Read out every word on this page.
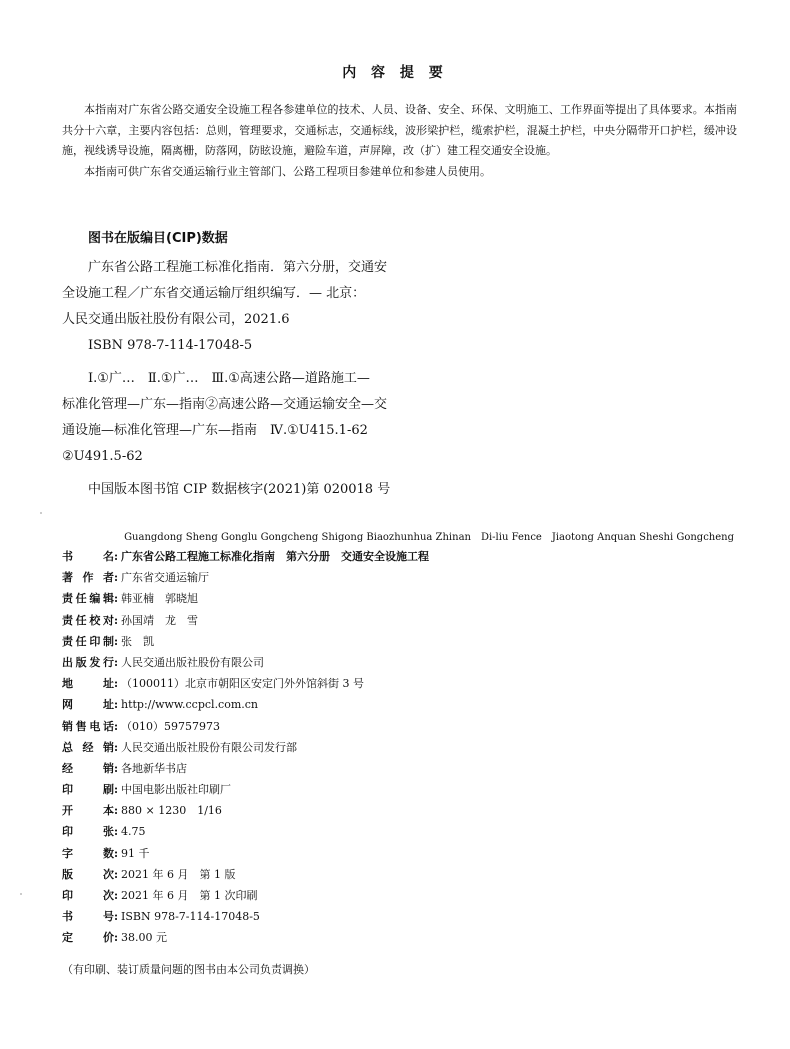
内 容 提 要

本指南对广东省公路交通安全设施工程各参建单位的技术、人员、设备、安全、环保、文明施工、工作界面等提出了具体要求。本指南共分十六章，主要内容包括：总则，管理要求，交通标志，交通标线，波形梁护栏，缆索护栏，混凝土护栏，中央分隔带开口护栏，缓冲设施，视线诱导设施，隔离栅，防落网，防眩设施，避险车道，声屏障，改（扩）建工程交通安全设施。

本指南可供广东省交通运输行业主管部门、公路工程项目参建单位和参建人员使用。

图书在版编目(CIP)数据
广东省公路工程施工标准化指南．第六分册，交通安
全设施工程／广东省交通运输厅组织编写．— 北京：
人民交通出版社股份有限公司，2021.6
ISBN 978-7-114-17048-5
Ⅰ.①广…　Ⅱ.①广…　Ⅲ.①高速公路—道路施工—
标准化管理—广东—指南②高速公路—交通运输安全—交
通设施—标准化管理—广东—指南　Ⅳ.①U415.1-62
②U491.5-62
中国版本图书馆 CIP 数据核字(2021)第 020018 号
Guangdong Sheng Gonglu Gongcheng Shigong Biaozhunhua Zhinan　Di-liu Fence　Jiaotong Anquan Sheshi Gongcheng
书名 : 广东省公路工程施工标准化指南　第六分册　交通安全设施工程
著作者 : 广东省交通运输厅
责任编辑 : 韩亚楠　郭晓旭
责任校对 : 孙国靖　龙　雪
责任印制 : 张　凯
出版发行 : 人民交通出版社股份有限公司
地址 : （100011）北京市朝阳区安定门外外馆斜街 3 号
网址 : http://www.ccpcl.com.cn
销售电话 : （010）59757973
总经销 : 人民交通出版社股份有限公司发行部
经销 : 各地新华书店
印刷 : 中国电影出版社印刷厂
开本 : 880 × 1230　1/16
印张 : 4.75
字数 : 91 千
版次 : 2021 年 6 月　第 1 版
印次 : 2021 年 6 月　第 1 次印刷
书号 : ISBN 978-7-114-17048-5
定价 : 38.00 元
（有印刷、装订质量问题的图书由本公司负责调换）
